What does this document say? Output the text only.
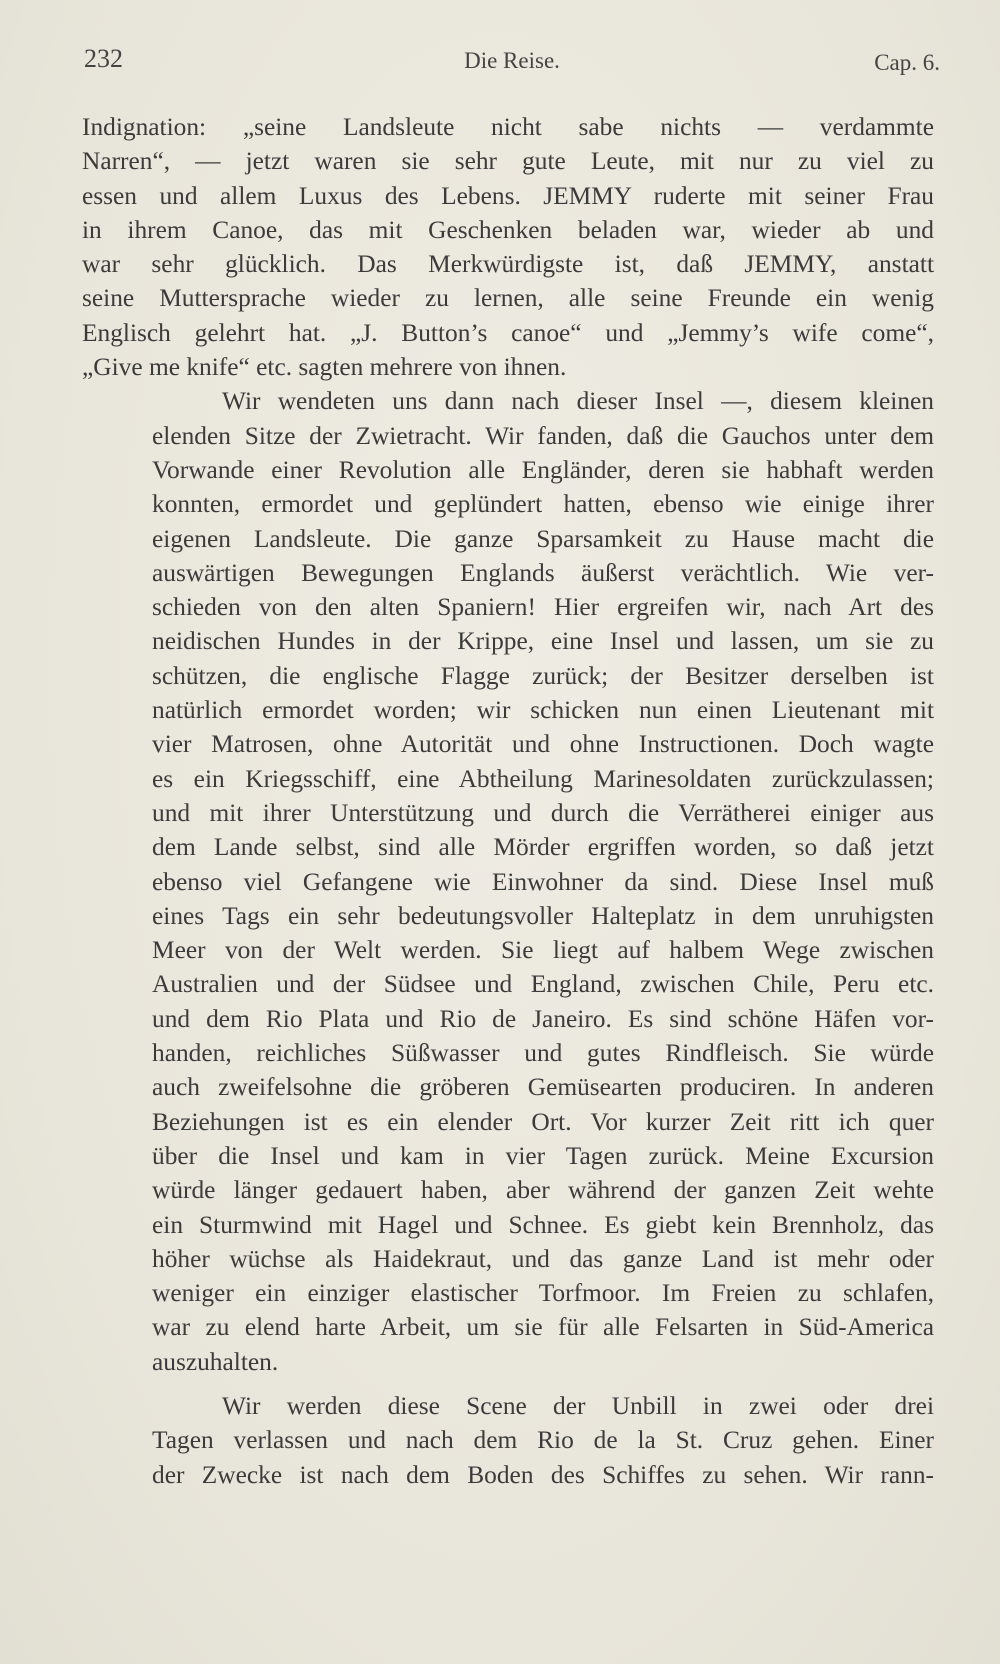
232	Die Reise.	Cap. 6.

Indignation: „seine Landsleute nicht sabe nichts — verdammte
Narren“, — jetzt waren sie sehr gute Leute, mit nur zu viel zu
essen und allem Luxus des Lebens. JEMMY ruderte mit seiner Frau
in ihrem Canoe, das mit Geschenken beladen war, wieder ab und
war sehr glücklich. Das Merkwürdigste ist, daß JEMMY, anstatt
seine Muttersprache wieder zu lernen, alle seine Freunde ein wenig
Englisch gelehrt hat. „J. Button’s canoe“ und „Jemmy’s wife come“,
„Give me knife“ etc. sagten mehrere von ihnen.

Wir wendeten uns dann nach dieser Insel —, diesem kleinen
elenden Sitze der Zwietracht. Wir fanden, daß die Gauchos unter dem
Vorwande einer Revolution alle Engländer, deren sie habhaft werden
konnten, ermordet und geplündert hatten, ebenso wie einige ihrer
eigenen Landsleute. Die ganze Sparsamkeit zu Hause macht die
auswärtigen Bewegungen Englands äußerst verächtlich. Wie ver-
schieden von den alten Spaniern! Hier ergreifen wir, nach Art des
neidischen Hundes in der Krippe, eine Insel und lassen, um sie zu
schützen, die englische Flagge zurück; der Besitzer derselben ist
natürlich ermordet worden; wir schicken nun einen Lieutenant mit
vier Matrosen, ohne Autorität und ohne Instructionen. Doch wagte
es ein Kriegsschiff, eine Abtheilung Marinesoldaten zurückzulassen;
und mit ihrer Unterstützung und durch die Verrätherei einiger aus
dem Lande selbst, sind alle Mörder ergriffen worden, so daß jetzt
ebenso viel Gefangene wie Einwohner da sind. Diese Insel muß
eines Tags ein sehr bedeutungsvoller Halteplatz in dem unruhigsten
Meer von der Welt werden. Sie liegt auf halbem Wege zwischen
Australien und der Südsee und England, zwischen Chile, Peru etc.
und dem Rio Plata und Rio de Janeiro. Es sind schöne Häfen vor-
handen, reichliches Süßwasser und gutes Rindfleisch. Sie würde
auch zweifelsohne die gröberen Gemüsearten produciren. In anderen
Beziehungen ist es ein elender Ort. Vor kurzer Zeit ritt ich quer
über die Insel und kam in vier Tagen zurück. Meine Excursion
würde länger gedauert haben, aber während der ganzen Zeit wehte
ein Sturmwind mit Hagel und Schnee. Es giebt kein Brennholz, das
höher wüchse als Haidekraut, und das ganze Land ist mehr oder
weniger ein einziger elastischer Torfmoor. Im Freien zu schlafen,
war zu elend harte Arbeit, um sie für alle Felsarten in Süd-America
auszuhalten.

Wir werden diese Scene der Unbill in zwei oder drei
Tagen verlassen und nach dem Rio de la St. Cruz gehen. Einer
der Zwecke ist nach dem Boden des Schiffes zu sehen. Wir rann-
